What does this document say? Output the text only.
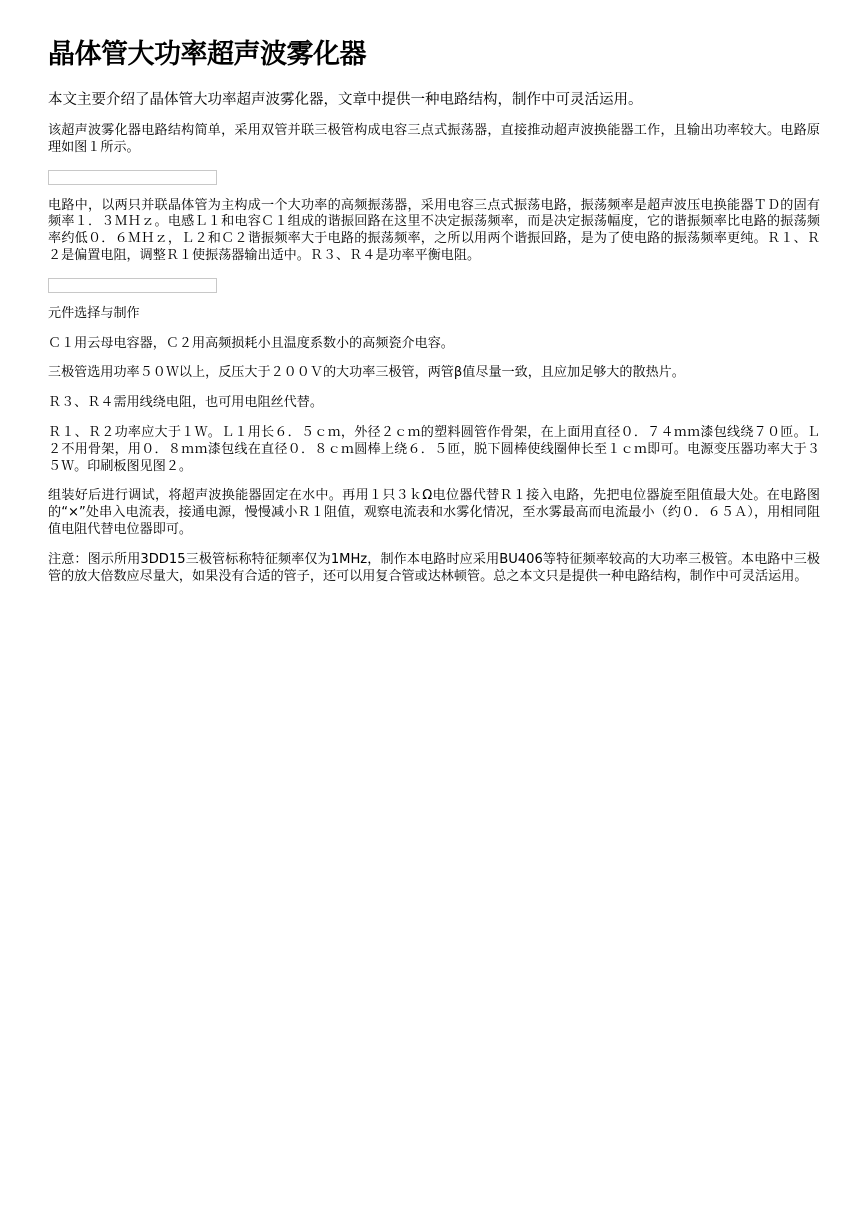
晶体管大功率超声波雾化器

本文主要介绍了晶体管大功率超声波雾化器，文章中提供一种电路结构，制作中可灵活运用。

该超声波雾化器电路结构简单，采用双管并联三极管构成电容三点式振荡器，直接推动超声波换能器工作，且输出功率较大。电路原理如图１所示。

电路中，以两只并联晶体管为主构成一个大功率的高频振荡器，采用电容三点式振荡电路，振荡频率是超声波压电换能器ＴＤ的固有频率１．３ＭＨｚ。电感Ｌ１和电容Ｃ１组成的谐振回路在这里不决定振荡频率，而是决定振荡幅度，它的谐振频率比电路的振荡频率约低０．６ＭＨｚ，Ｌ２和Ｃ２谐振频率大于电路的振荡频率，之所以用两个谐振回路，是为了使电路的振荡频率更纯。Ｒ１、Ｒ２是偏置电阻，调整Ｒ１使振荡器输出适中。Ｒ３、Ｒ４是功率平衡电阻。

元件选择与制作

Ｃ１用云母电容器，Ｃ２用高频损耗小且温度系数小的高频瓷介电容。

三极管选用功率５０Ｗ以上，反压大于２００Ｖ的大功率三极管，两管β值尽量一致，且应加足够大的散热片。

Ｒ３、Ｒ４需用线绕电阻，也可用电阻丝代替。

Ｒ１、Ｒ２功率应大于１Ｗ。Ｌ１用长６．５ｃｍ，外径２ｃｍ的塑料圆管作骨架，在上面用直径０．７４ｍｍ漆包线绕７０匝。Ｌ２不用骨架，用０．８ｍｍ漆包线在直径０．８ｃｍ圆棒上绕６．５匝，脱下圆棒使线圈伸长至１ｃｍ即可。电源变压器功率大于３５Ｗ。印刷板图见图２。

组装好后进行调试，将超声波换能器固定在水中。再用１只３ｋΩ电位器代替Ｒ１接入电路，先把电位器旋至阻值最大处。在电路图的“×”处串入电流表，接通电源，慢慢减小Ｒ１阻值，观察电流表和水雾化情况，至水雾最高而电流最小（约０．６５Ａ），用相同阻值电阻代替电位器即可。

注意：图示所用3DD15三极管标称特征频率仅为1MHz，制作本电路时应采用BU406等特征频率较高的大功率三极管。本电路中三极管的放大倍数应尽量大，如果没有合适的管子，还可以用复合管或达林顿管。总之本文只是提供一种电路结构，制作中可灵活运用。
